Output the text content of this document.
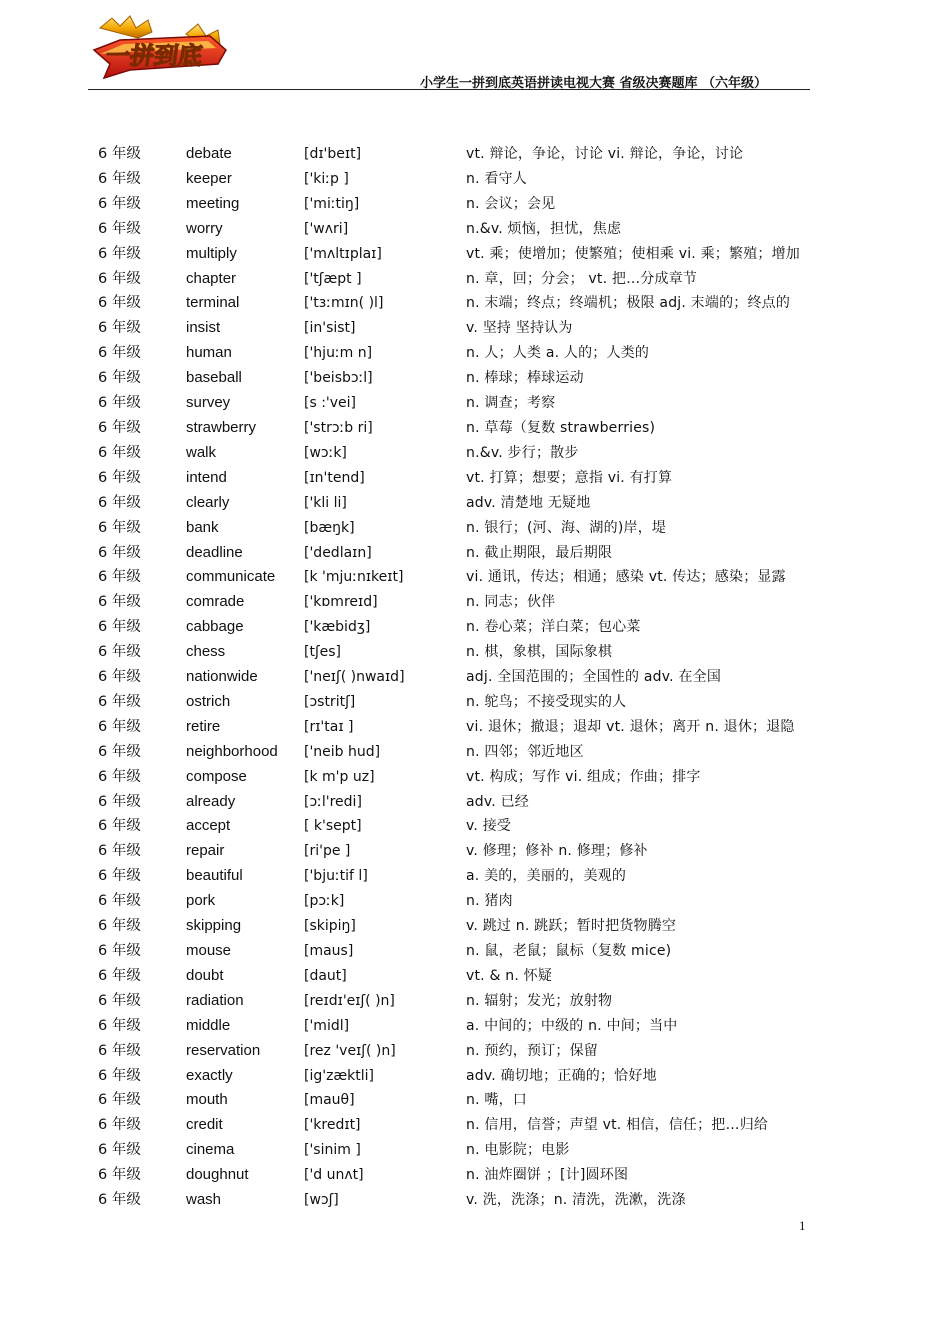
一拼到底
小学生一拼到底英语拼读电视大赛 省级决赛题库 （六年级）
6 年级	debate	[dɪ'beɪt]	vt. 辩论，争论，讨论 vi. 辩论，争论，讨论
6 年级	keeper	['kiːp ]	n. 看守人
6 年级	meeting	['miːtiŋ]	n. 会议；会见
6 年级	worry	['wʌri]	n.&v. 烦恼，担忧，焦虑
6 年级	multiply	['mʌltɪplaɪ]	vt. 乘；使增加；使繁殖；使相乘 vi. 乘；繁殖；增加
6 年级	chapter	['tʃæpt ]	n. 章，回；分会； vt. 把…分成章节
6 年级	terminal	['tɜːmɪn( )l]	n. 末端；终点；终端机；极限 adj. 末端的；终点的
6 年级	insist	[in'sist]	v. 坚持 坚持认为
6 年级	human	['hjuːm n]	n. 人；人类 a. 人的；人类的
6 年级	baseball	['beisbɔːl]	n. 棒球；棒球运动
6 年级	survey	[s :'vei]	n. 调查；考察
6 年级	strawberry	['strɔːb ri]	n. 草莓（复数 strawberries)
6 年级	walk	[wɔːk]	n.&v. 步行；散步
6 年级	intend	[ɪn'tend]	vt. 打算；想要；意指 vi. 有打算
6 年级	clearly	['kli li]	adv. 清楚地 无疑地
6 年级	bank	[bæŋk]	n. 银行；(河、海、湖的)岸，堤
6 年级	deadline	['dedlaɪn]	n. 截止期限，最后期限
6 年级	communicate [k 'mjuːnɪkeɪt]	vi. 通讯，传达；相通；感染 vt. 传达；感染；显露
6 年级	comrade	['kɒmreɪd]	n. 同志；伙伴
6 年级	cabbage	['kæbidʒ]	n. 卷心菜；洋白菜；包心菜
6 年级	chess	[tʃes]	n. 棋，象棋，国际象棋
6 年级	nationwide	['neɪʃ( )nwaɪd]	adj. 全国范围的；全国性的 adv. 在全国
6 年级	ostrich	[ɔstritʃ]	n. 鸵鸟；不接受现实的人
6 年级	retire	[rɪ'taɪ ]	vi. 退休；撤退；退却 vt. 退休；离开 n. 退休；退隐
6 年级	neighborhood ['neib hud]	n. 四邻；邻近地区
6 年级	compose	[k m'p uz]	vt. 构成；写作 vi. 组成；作曲；排字
6 年级	already	[ɔːl'redi]	adv. 已经
6 年级	accept	[ k'sept]	v. 接受
6 年级	repair	[ri'pe ]	v. 修理；修补 n. 修理；修补
6 年级	beautiful	['bjuːtif l]	a. 美的，美丽的，美观的
6 年级	pork	[pɔːk]	n. 猪肉
6 年级	skipping	[skipiŋ]	v. 跳过 n. 跳跃；暂时把货物腾空
6 年级	mouse	[maus]	n. 鼠，老鼠；鼠标（复数 mice)
6 年级	doubt	[daut]	vt. & n. 怀疑
6 年级	radiation	[reɪdɪ'eɪʃ( )n]	n. 辐射；发光；放射物
6 年级	middle	['midl]	a. 中间的；中级的 n. 中间；当中
6 年级	reservation	[rez 'veɪʃ( )n]	n. 预约，预订；保留
6 年级	exactly	[ig'zæktli]	adv. 确切地；正确的；恰好地
6 年级	mouth	[mauθ]	n. 嘴，口
6 年级	credit	['kredɪt]	n. 信用，信誉；声望 vt. 相信，信任；把…归给
6 年级	cinema	['sinim ]	n. 电影院；电影
6 年级	doughnut	['d unʌt]	n. 油炸圈饼 ；[计]圆环图
6 年级	wash	[wɔʃ]	v. 洗，洗涤；n. 清洗，洗漱，洗涤
1
